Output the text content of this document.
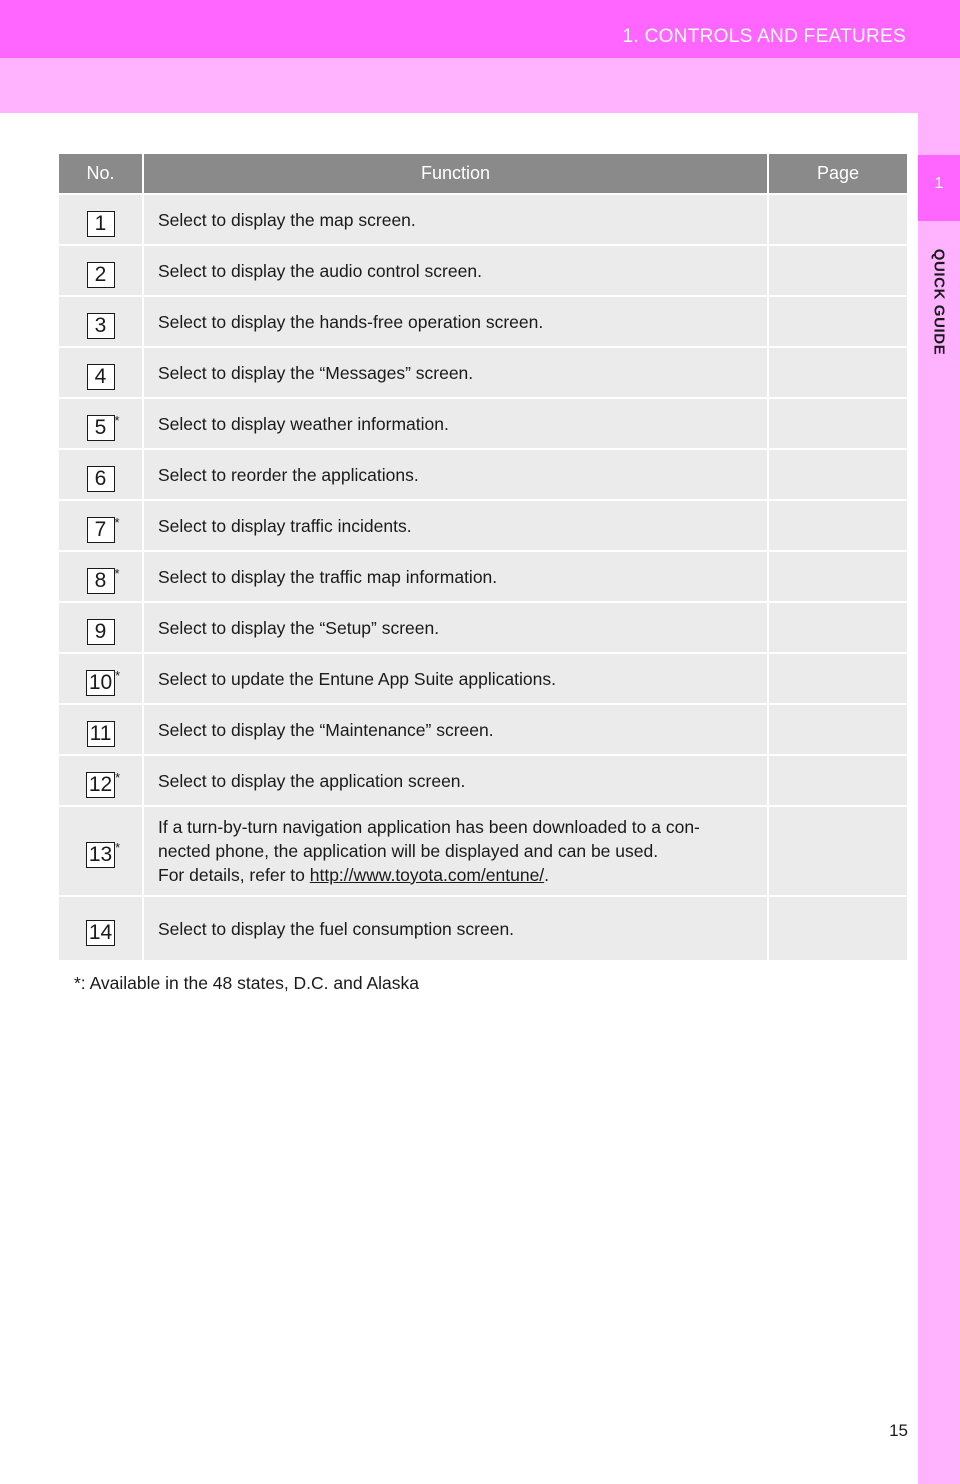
1. CONTROLS AND FEATURES
1
QUICK GUIDE
No.	Function	Page
1	Select to display the map screen.	
2	Select to display the audio control screen.	
3	Select to display the hands-free operation screen.	
4	Select to display the “Messages” screen.	
5 *	Select to display weather information.	
6	Select to reorder the applications.	
7 *	Select to display traffic incidents.	
8 *	Select to display the traffic map information.	
9	Select to display the “Setup” screen.	
10 *	Select to update the Entune App Suite applications.	
11	Select to display the “Maintenance” screen.	
12 *	Select to display the application screen.	
13 *	If a turn-by-turn navigation application has been downloaded to a con-
nected phone, the application will be displayed and can be used.
For details, refer to http://www.toyota.com/entune/.	

14	Select to display the fuel consumption screen.	
*: Available in the 48 states, D.C. and Alaska
15
